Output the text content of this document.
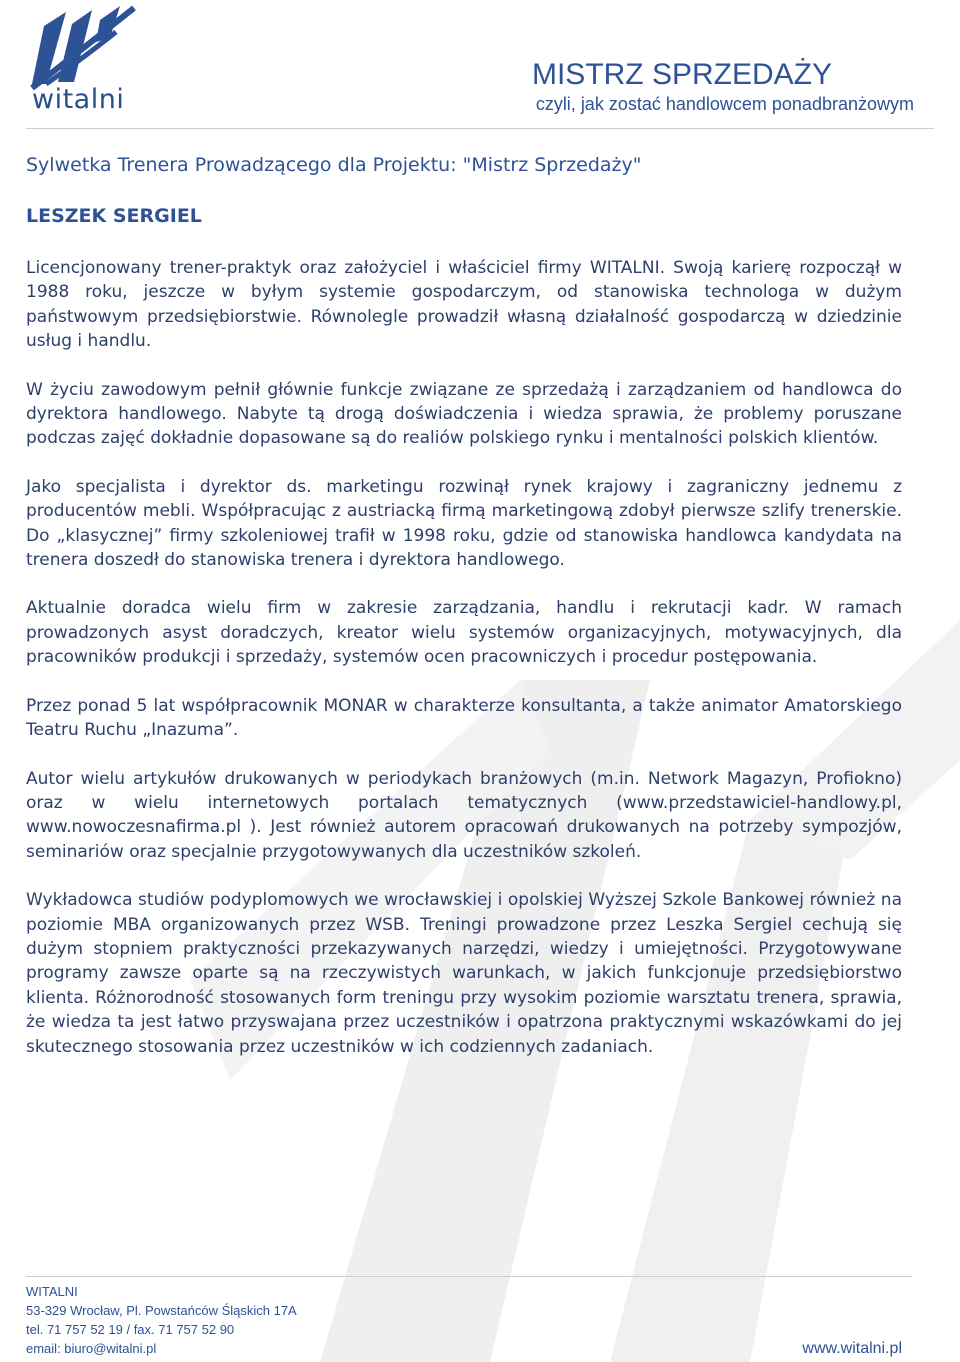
witalni
MISTRZ SPRZEDAŻY
czyli, jak zostać handlowcem ponadbranżowym
Sylwetka Trenera Prowadzącego dla Projektu: "Mistrz Sprzedaży"
LESZEK SERGIEL

Licencjonowany trener-praktyk oraz założyciel i właściciel firmy WITALNI. Swoją karierę rozpoczął w 1988 roku, jeszcze w byłym systemie gospodarczym, od stanowiska technologa w dużym państwowym przedsiębiorstwie. Równolegle prowadził własną działalność gospodarczą w dziedzinie usług i handlu.

W życiu zawodowym pełnił głównie funkcje związane ze sprzedażą i zarządzaniem od handlowca do dyrektora handlowego. Nabyte tą drogą doświadczenia i wiedza sprawia, że problemy poruszane podczas zajęć dokładnie dopasowane są do realiów polskiego rynku i mentalności polskich klientów.

Jako specjalista i dyrektor ds. marketingu rozwinął rynek krajowy i zagraniczny jednemu z producentów mebli. Współpracując z austriacką firmą marketingową zdobył pierwsze szlify trenerskie. Do „klasycznej” firmy szkoleniowej trafił w 1998 roku, gdzie od stanowiska handlowca kandydata na trenera doszedł do stanowiska trenera i dyrektora handlowego.

Aktualnie doradca wielu firm w zakresie zarządzania, handlu i rekrutacji kadr. W ramach prowadzonych asyst doradczych, kreator wielu systemów organizacyjnych, motywacyjnych, dla pracowników produkcji i sprzedaży, systemów ocen pracowniczych i procedur postępowania.

Przez ponad 5 lat współpracownik MONAR w charakterze konsultanta, a także animator Amatorskiego Teatru Ruchu „Inazuma”.

Autor wielu artykułów drukowanych w periodykach branżowych (m.in. Network Magazyn, Profiokno) oraz w wielu internetowych portalach tematycznych (www.przedstawiciel-handlowy.pl, www.nowoczesnafirma.pl ). Jest również autorem opracowań drukowanych na potrzeby sympozjów, seminariów oraz specjalnie przygotowywanych dla uczestników szkoleń.

Wykładowca studiów podyplomowych we wrocławskiej i opolskiej Wyższej Szkole Bankowej również na poziomie MBA organizowanych przez WSB. Treningi prowadzone przez Leszka Sergiel cechują się dużym stopniem praktyczności przekazywanych narzędzi, wiedzy i umiejętności. Przygotowywane programy zawsze oparte są na rzeczywistych warunkach, w jakich funkcjonuje przedsiębiorstwo klienta. Różnorodność stosowanych form treningu przy wysokim poziomie warsztatu trenera, sprawia, że wiedza ta jest łatwo przyswajana przez uczestników i opatrzona praktycznymi wskazówkami do jej skutecznego stosowania przez uczestników w ich codziennych zadaniach.

WITALNI
53-329 Wrocław, Pl. Powstańców Śląskich 17A
tel. 71 757 52 19 / fax. 71 757 52 90
email: biuro@witalni.pl	www.witalni.pl
